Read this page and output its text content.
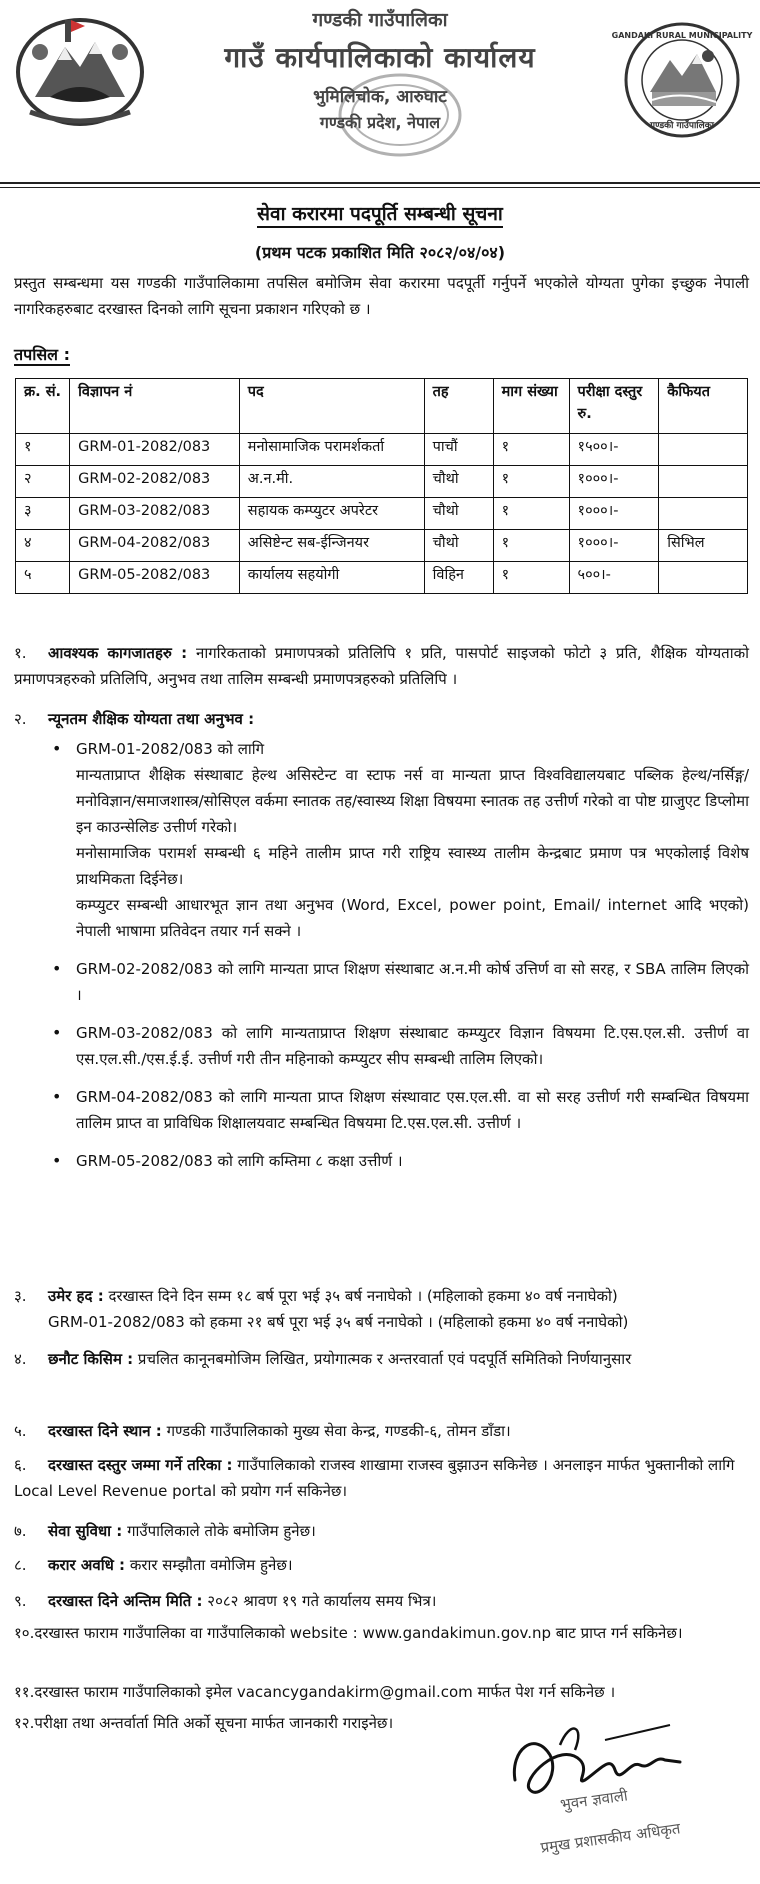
गण्डकी गाउँपालिका
गाउँ कार्यपालिकाको कार्यालय
भुमिलिचोक, आरुघाट
गण्डकी प्रदेश, नेपाल
GANDAKI RURAL MUNICIPALITY
गण्डकी गाउँपालिका
सेवा करारमा पदपूर्ति सम्बन्धी सूचना
(प्रथम पटक प्रकाशित मिति २०८२/०४/०४)
प्रस्तुत सम्बन्धमा यस गण्डकी गाउँपालिकामा तपसिल बमोजिम सेवा करारमा पदपूर्ती गर्नुपर्ने भएकोले योग्यता पुगेका इच्छुक नेपाली नागरिकहरुबाट दरखास्त दिनको लागि सूचना प्रकाशन गरिएको छ ।
तपसिल :
क्र. सं.	विज्ञापन नं	पद	तह	माग संख्या	परीक्षा दस्तुर रु.	कैफियत
१	GRM-01-2082/083	मनोसामाजिक परामर्शकर्ता	पाचौं	१	१५००।-	
२	GRM-02-2082/083	अ.न.मी.	चौथो	१	१०००।-	
३	GRM-03-2082/083	सहायक कम्प्युटर अपरेटर	चौथो	१	१०००।-	
४	GRM-04-2082/083	असिष्टेन्ट सब-ईन्जिनयर	चौथो	१	१०००।-	सिभिल
५	GRM-05-2082/083	कार्यालय सहयोगी	विहिन	१	५००।-	
१. आवश्यक कागजातहरु : नागरिकताको प्रमाणपत्रको प्रतिलिपि १ प्रति, पासपोर्ट साइजको फोटो ३ प्रति, शैक्षिक योग्यताको प्रमाणपत्रहरुको प्रतिलिपि, अनुभव तथा तालिम सम्बन्धी प्रमाणपत्रहरुको प्रतिलिपि ।
२. न्यूनतम शैक्षिक योग्यता तथा अनुभव :
• GRM-01-2082/083 को लागि
मान्यताप्राप्त शैक्षिक संस्थाबाट हेल्थ असिस्टेन्ट वा स्टाफ नर्स वा मान्यता प्राप्त विश्वविद्यालयबाट पब्लिक हेल्थ/नर्सिङ्ग/मनोविज्ञान/समाजशास्त्र/सोसिएल वर्कमा स्नातक तह/स्वास्थ्य शिक्षा विषयमा स्नातक तह उत्तीर्ण गरेको वा पोष्ट ग्राजुएट डिप्लोमा इन काउन्सेलिङ उत्तीर्ण गरेको।
मनोसामाजिक परामर्श सम्बन्धी ६ महिने तालीम प्राप्त गरी राष्ट्रिय स्वास्थ्य तालीम केन्द्रबाट प्रमाण पत्र भएकोलाई विशेष प्राथमिकता दिईनेछ।
कम्प्युटर सम्बन्धी आधारभूत ज्ञान तथा अनुभव (Word, Excel, power point, Email/ internet आदि भएको) नेपाली भाषामा प्रतिवेदन तयार गर्न सक्ने ।
• GRM-02-2082/083 को लागि मान्यता प्राप्त शिक्षण संस्थाबाट अ.न.मी कोर्ष उत्तिर्ण वा सो सरह, र SBA तालिम लिएको ।
• GRM-03-2082/083 को लागि मान्यताप्राप्त शिक्षण संस्थाबाट कम्प्युटर विज्ञान विषयमा टि.एस.एल.सी. उत्तीर्ण वा एस.एल.सी./एस.ई.ई. उत्तीर्ण गरी तीन महिनाको कम्प्युटर सीप सम्बन्धी तालिम लिएको।
• GRM-04-2082/083 को लागि मान्यता प्राप्त शिक्षण संस्थावाट एस.एल.सी. वा सो सरह उत्तीर्ण गरी सम्बन्धित विषयमा तालिम प्राप्त वा प्राविधिक शिक्षालयवाट सम्बन्धित विषयमा टि.एस.एल.सी. उत्तीर्ण ।
• GRM-05-2082/083 को लागि कम्तिमा ८ कक्षा उत्तीर्ण ।
३. उमेर हद : दरखास्त दिने दिन सम्म १८ बर्ष पूरा भई ३५ बर्ष ननाघेको । (महिलाको हकमा ४० वर्ष ननाघेको)
GRM-01-2082/083 को हकमा २१ बर्ष पूरा भई ३५ बर्ष ननाघेको । (महिलाको हकमा ४० वर्ष ननाघेको)
४. छनौट किसिम : प्रचलित कानूनबमोजिम लिखित, प्रयोगात्मक र अन्तरवार्ता एवं पदपूर्ति समितिको निर्णयानुसार
५. दरखास्त दिने स्थान : गण्डकी गाउँपालिकाको मुख्य सेवा केन्द्र, गण्डकी-६, तोमन डाँडा।
६. दरखास्त दस्तुर जम्मा गर्ने तरिका : गाउँपालिकाको राजस्व शाखामा राजस्व बुझाउन सकिनेछ । अनलाइन मार्फत भुक्तानीको लागि Local Level Revenue portal को प्रयोग गर्न सकिनेछ।
७. सेवा सुविधा : गाउँपालिकाले तोके बमोजिम हुनेछ।
८. करार अवधि : करार सम्झौता वमोजिम हुनेछ।
९. दरखास्त दिने अन्तिम मिति : २०८२ श्रावण १९ गते कार्यालय समय भित्र।
१०.दरखास्त फाराम गाउँपालिका वा गाउँपालिकाको website : www.gandakimun.gov.np बाट प्राप्त गर्न सकिनेछ।
११.दरखास्त फाराम गाउँपालिकाको इमेल vacancygandakirm@gmail.com मार्फत पेश गर्न सकिनेछ ।
१२.परीक्षा तथा अन्तर्वार्ता मिति अर्को सूचना मार्फत जानकारी गराइनेछ।
भुवन ज्ञवाली
प्रमुख प्रशासकीय अधिकृत
